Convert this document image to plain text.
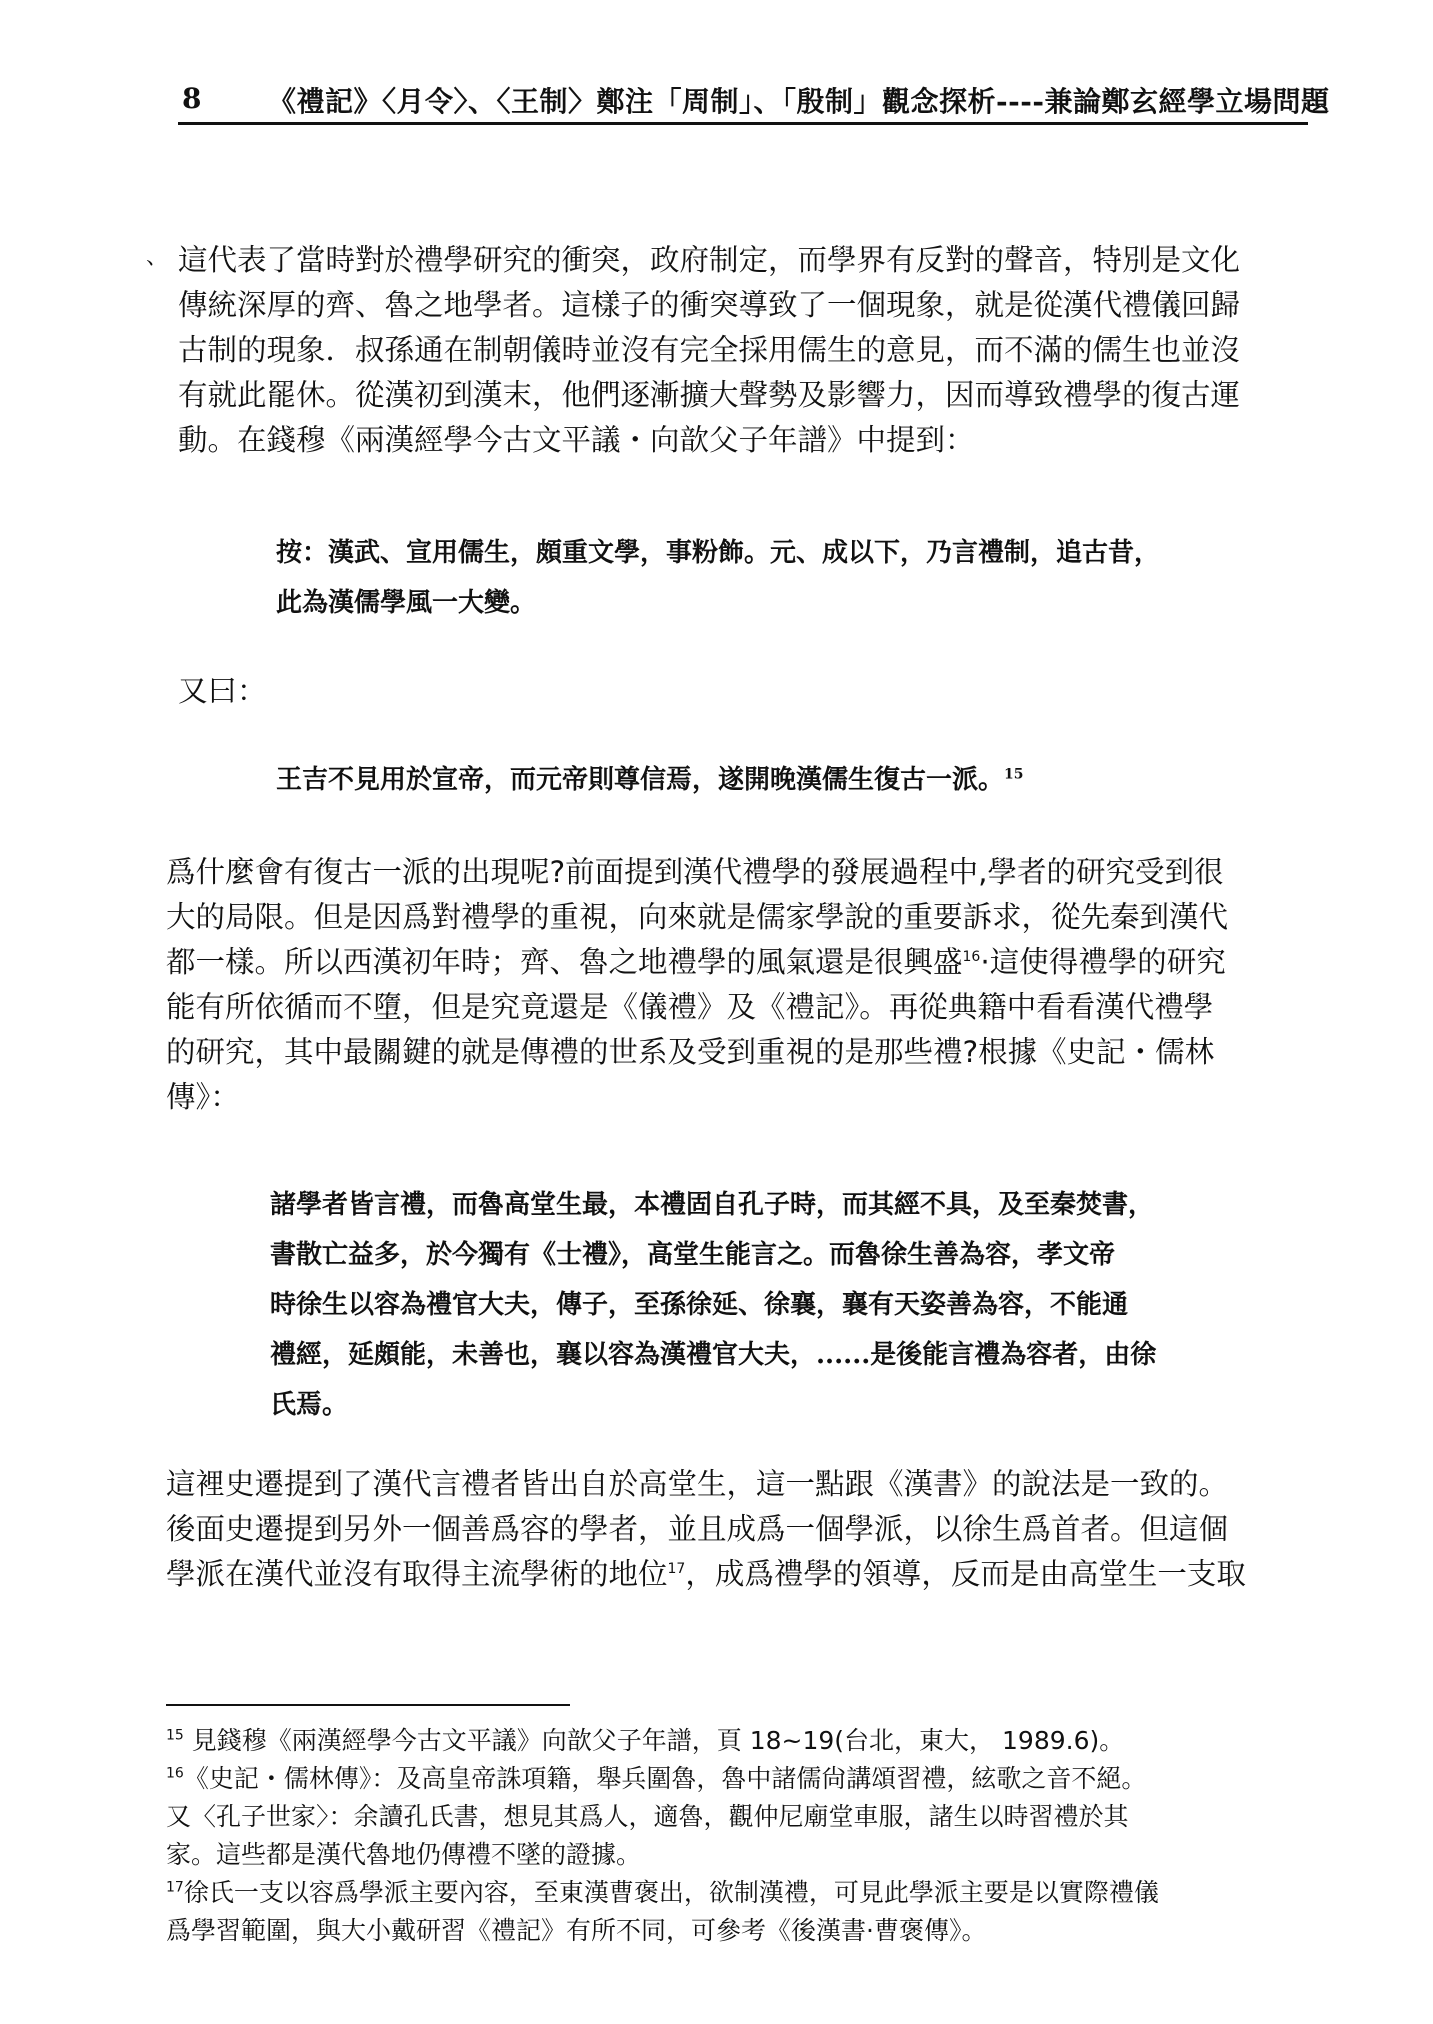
8 《禮記》〈月令〉、〈王制〉鄭注「周制」、「殷制」觀念探析----兼論鄭玄經學立場問題
、 這代表了當時對於禮學研究的衝突，政府制定，而學界有反對的聲音，特別是文化

傳統深厚的齊、魯之地學者。這樣子的衝突導致了一個現象，就是從漢代禮儀回歸

古制的現象．叔孫通在制朝儀時並沒有完全採用儒生的意見，而不滿的儒生也並沒

有就此罷休。從漢初到漢末，他們逐漸擴大聲勢及影響力，因而導致禮學的復古運

動。在錢穆《兩漢經學今古文平議・向歆父子年譜》中提到：

按：漢武、宣用儒生，頗重文學，事粉飾。元、成以下，乃言禮制，追古昔，

此為漢儒學風一大變。

又曰：

王吉不見用於宣帝，而元帝則尊信焉，遂開晚漢儒生復古一派。$^{15}$

爲什麼會有復古一派的出現呢?前面提到漢代禮學的發展過程中,學者的研究受到很

大的局限。但是因爲對禮學的重視，向來就是儒家學說的重要訴求，從先秦到漢代

都一樣。所以西漢初年時；齊、魯之地禮學的風氣還是很興盛$^{16}$·這使得禮學的研究

能有所依循而不墮，但是究竟還是《儀禮》及《禮記》。再從典籍中看看漢代禮學

的研究，其中最關鍵的就是傳禮的世系及受到重視的是那些禮?根據《史記・儒林

傳》：

諸學者皆言禮，而魯高堂生最，本禮固自孔子時，而其經不具，及至秦焚書，

書散亡益多，於今獨有《士禮》，高堂生能言之。而魯徐生善為容，孝文帝

時徐生以容為禮官大夫，傳子，至孫徐延、徐襄，襄有天姿善為容，不能通

禮經，延頗能，未善也，襄以容為漢禮官大夫，......是後能言禮為容者，由徐

氏焉。

這裡史遷提到了漢代言禮者皆出自於高堂生，這一點跟《漢書》的說法是一致的。

後面史遷提到另外一個善爲容的學者，並且成爲一個學派，以徐生爲首者。但這個

學派在漢代並沒有取得主流學術的地位$^{17}$，成爲禮學的領導，反而是由高堂生一支取

$^{15}$ 見錢穆《兩漢經學今古文平議》向歆父子年譜，頁 18~19(台北，東大， 1989.6)。

$^{16}$《史記・儒林傳》：及高皇帝誅項籍，舉兵圍魯，魯中諸儒尙講頌習禮，絃歌之音不絕。

又〈孔子世家〉：余讀孔氏書，想見其爲人，適魯，觀仲尼廟堂車服，諸生以時習禮於其

家。這些都是漢代魯地仍傳禮不墜的證據。

$^{17}$徐氏一支以容爲學派主要內容，至東漢曹褒出，欲制漢禮，可見此學派主要是以實際禮儀

爲學習範圍，與大小戴研習《禮記》有所不同，可參考《後漢書·曹褒傳》。
